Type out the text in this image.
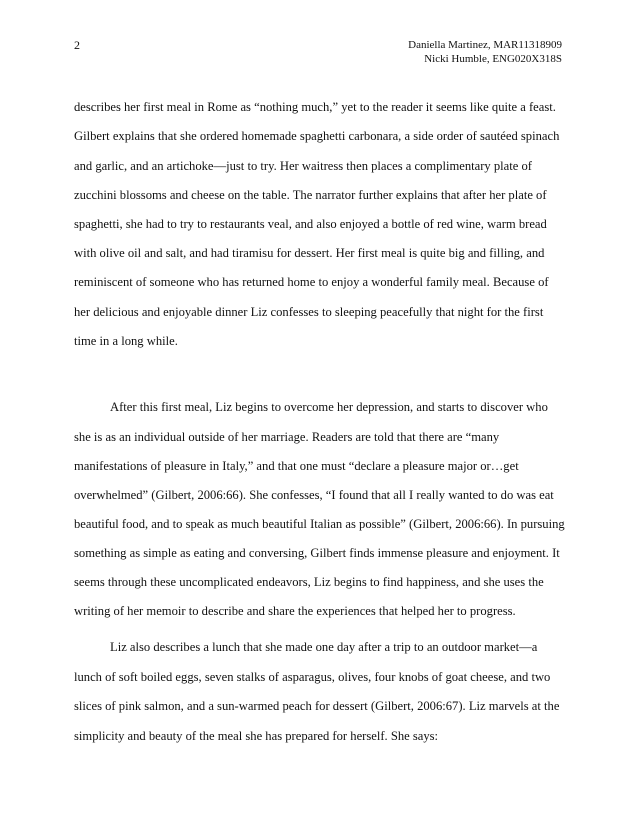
2	Daniella Martinez, MAR11318909
Nicki Humble, ENG020X318S
describes her first meal in Rome as “nothing much,” yet to the reader it seems like quite a feast.
Gilbert explains that she ordered homemade spaghetti carbonara, a side order of sautéed spinach
and garlic, and an artichoke—just to try. Her waitress then places a complimentary plate of
zucchini blossoms and cheese on the table. The narrator further explains that after her plate of
spaghetti, she had to try to restaurants veal, and also enjoyed a bottle of red wine, warm bread
with olive oil and salt, and had tiramisu for dessert. Her first meal is quite big and filling, and
reminiscent of someone who has returned home to enjoy a wonderful family meal. Because of
her delicious and enjoyable dinner Liz confesses to sleeping peacefully that night for the first
time in a long while.
After this first meal, Liz begins to overcome her depression, and starts to discover who
she is as an individual outside of her marriage. Readers are told that there are “many
manifestations of pleasure in Italy,” and that one must “declare a pleasure major or…get
overwhelmed” (Gilbert, 2006:66). She confesses, “I found that all I really wanted to do was eat
beautiful food, and to speak as much beautiful Italian as possible” (Gilbert, 2006:66). In pursuing
something as simple as eating and conversing, Gilbert finds immense pleasure and enjoyment. It
seems through these uncomplicated endeavors, Liz begins to find happiness, and she uses the
writing of her memoir to describe and share the experiences that helped her to progress.
Liz also describes a lunch that she made one day after a trip to an outdoor market—a
lunch of soft boiled eggs, seven stalks of asparagus, olives, four knobs of goat cheese, and two
slices of pink salmon, and a sun-warmed peach for dessert (Gilbert, 2006:67). Liz marvels at the
simplicity and beauty of the meal she has prepared for herself. She says:
